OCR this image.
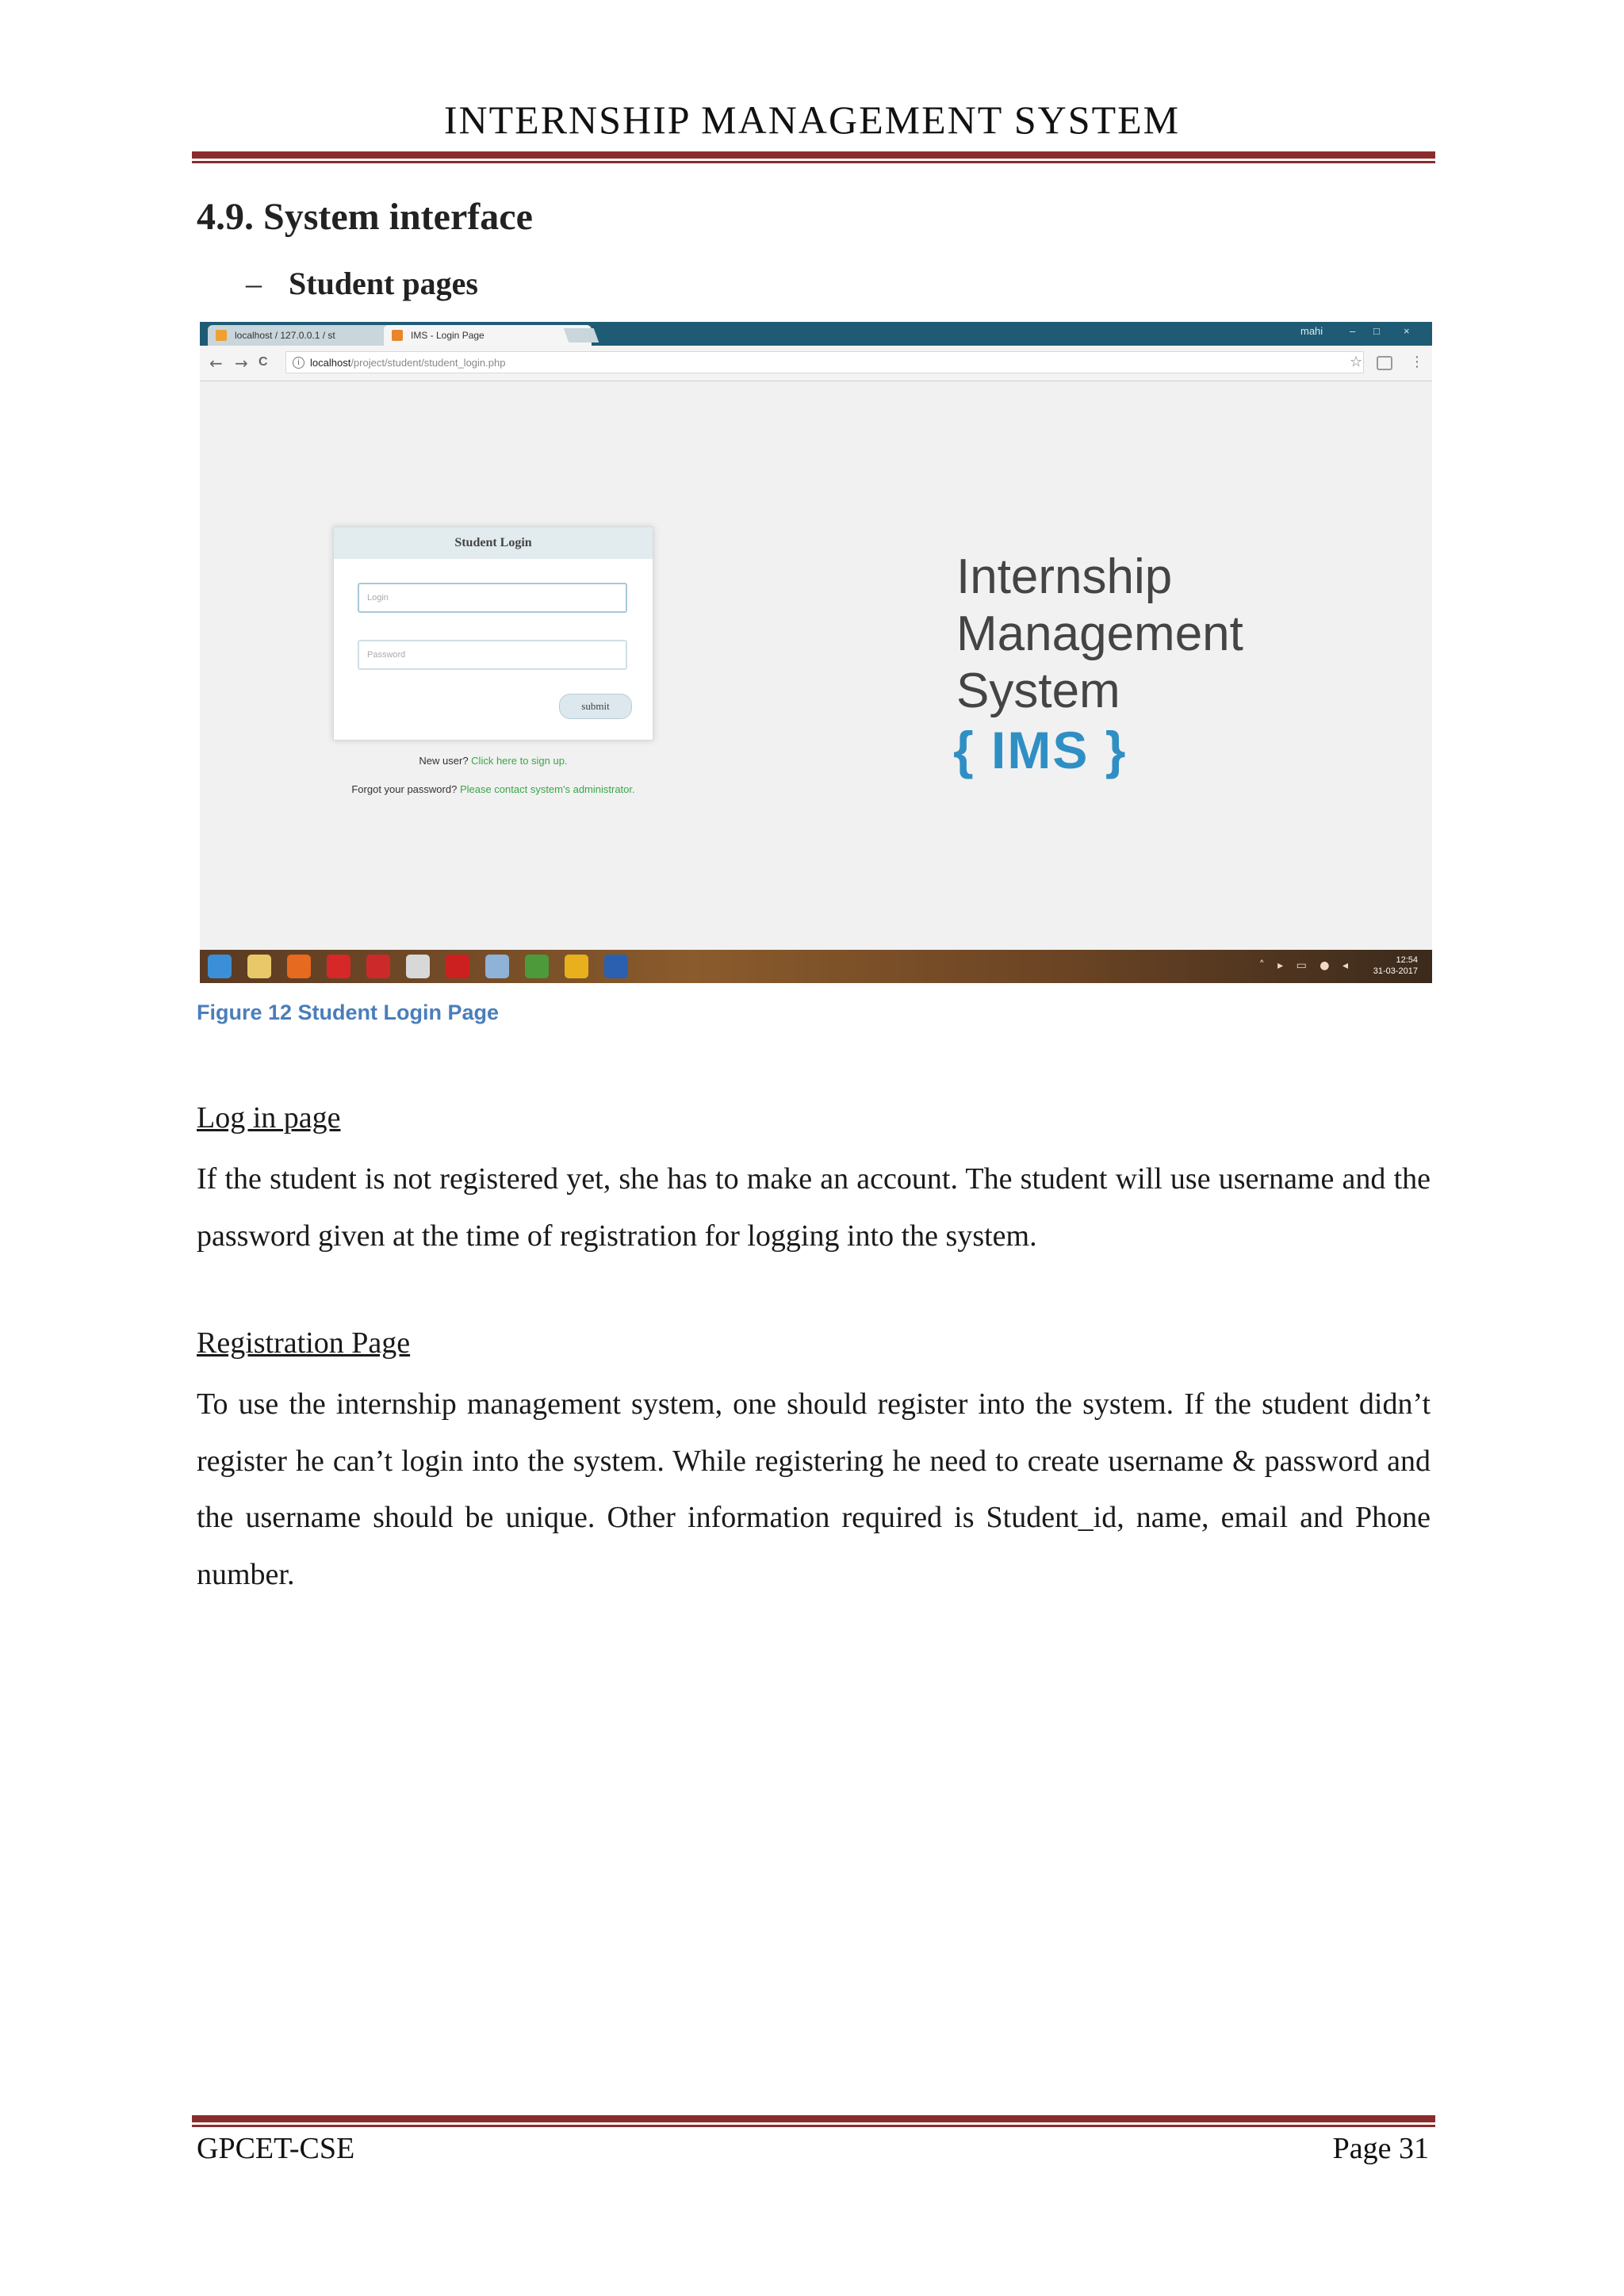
INTERNSHIP MANAGEMENT SYSTEM
4.9. System interface
– Student pages
localhost / 127.0.0.1 / st	IMS - Login Page	mahi	– □ ×
← → C	i	localhost/project/student/student_login.php	☆	⋮
Student Login
Login
Password
submit
New user? Click here to sign up.
Forgot your password? Please contact system's administrator.
Internship
Management
System
{ IMS }
˄ ▸ ▭ ● ◂	12:54
31-03-2017
Figure 12 Student Login Page
Log in page
If the student is not registered yet, she has to make an account. The student will use username and the password given at the time of registration for logging into the system.
Registration Page
To use the internship management system, one should register into the system. If the student didn’t register he can’t login into the system. While registering he need to create username & password and the username should be unique. Other information required is Student_id, name, email and Phone number.
GPCET-CSE	Page 31
